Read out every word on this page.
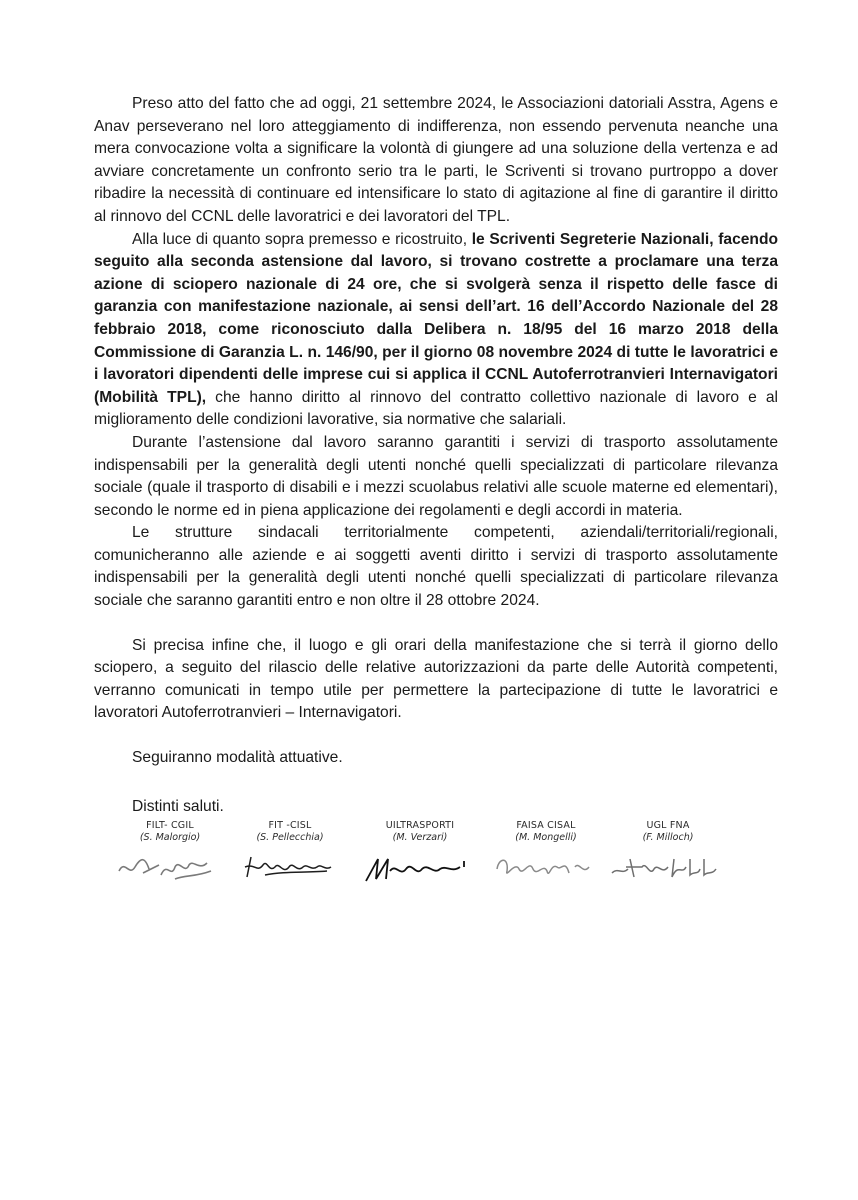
Preso atto del fatto che ad oggi, 21 settembre 2024, le Associazioni datoriali Asstra, Agens e Anav perseverano nel loro atteggiamento di indifferenza, non essendo pervenuta neanche una mera convocazione volta a significare la volontà di giungere ad una soluzione della vertenza e ad avviare concretamente un confronto serio tra le parti, le Scriventi si trovano purtroppo a dover ribadire la necessità di continuare ed intensificare lo stato di agitazione al fine di garantire il diritto al rinnovo del CCNL delle lavoratrici e dei lavoratori del TPL.

Alla luce di quanto sopra premesso e ricostruito, le Scriventi Segreterie Nazionali, facendo seguito alla seconda astensione dal lavoro, si trovano costrette a proclamare una terza azione di sciopero nazionale di 24 ore, che si svolgerà senza il rispetto delle fasce di garanzia con manifestazione nazionale, ai sensi dell’art. 16 dell’Accordo Nazionale del 28 febbraio 2018, come riconosciuto dalla Delibera n. 18/95 del 16 marzo 2018 della Commissione di Garanzia L. n. 146/90, per il giorno 08 novembre 2024 di tutte le lavoratrici e i lavoratori dipendenti delle imprese cui si applica il CCNL Autoferrotranvieri Internavigatori (Mobilità TPL), che hanno diritto al rinnovo del contratto collettivo nazionale di lavoro e al miglioramento delle condizioni lavorative, sia normative che salariali.

Durante l’astensione dal lavoro saranno garantiti i servizi di trasporto assolutamente indispensabili per la generalità degli utenti nonché quelli specializzati di particolare rilevanza sociale (quale il trasporto di disabili e i mezzi scuolabus relativi alle scuole materne ed elementari), secondo le norme ed in piena applicazione dei regolamenti e degli accordi in materia.

Le strutture sindacali territorialmente competenti, aziendali/territoriali/regionali, comunicheranno alle aziende e ai soggetti aventi diritto i servizi di trasporto assolutamente indispensabili per la generalità degli utenti nonché quelli specializzati di particolare rilevanza sociale che saranno garantiti entro e non oltre il 28 ottobre 2024.

Si precisa infine che, il luogo e gli orari della manifestazione che si terrà il giorno dello sciopero, a seguito del rilascio delle relative autorizzazioni da parte delle Autorità competenti, verranno comunicati in tempo utile per permettere la partecipazione di tutte le lavoratrici e lavoratori Autoferrotranvieri – Internavigatori.

Seguiranno modalità attuative.

Distinti saluti.

FILT- CGIL
(S. Malorgio)
FIT -CISL
(S. Pellecchia)
UILTRASPORTI
(M. Verzari)
FAISA CISAL
(M. Mongelli)
UGL FNA
(F. Milloch)
